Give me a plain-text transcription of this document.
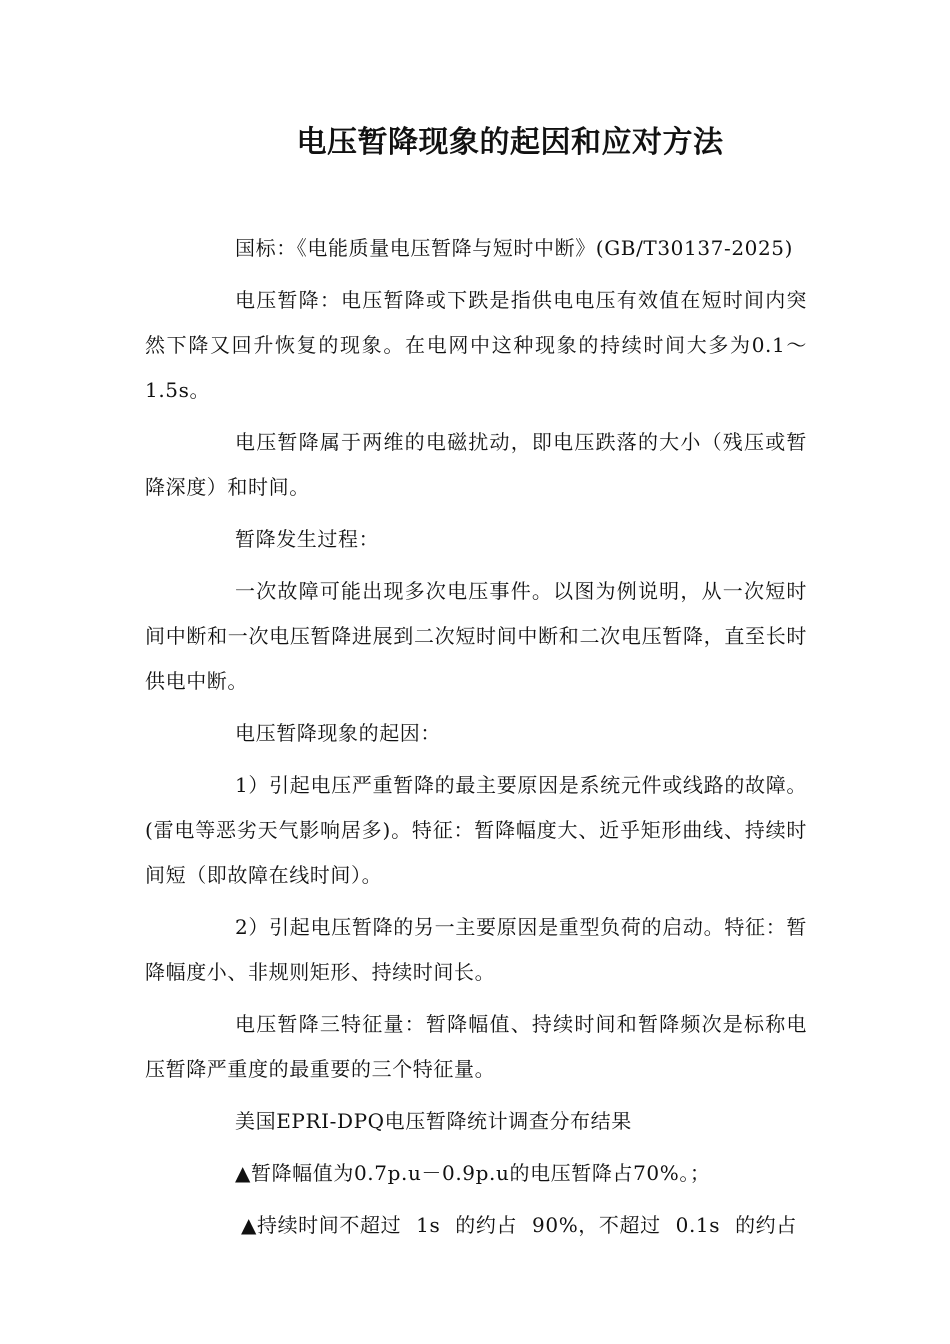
电压暂降现象的起因和应对方法

国标：《电能质量电压暂降与短时中断》(GB/T30137-2025)

电压暂降：电压暂降或下跌是指供电电压有效值在短时间内突然下降又回升恢复的现象。在电网中这种现象的持续时间大多为0.1～1.5s。

电压暂降属于两维的电磁扰动，即电压跌落的大小（残压或暂降深度）和时间。

暂降发生过程：

一次故障可能出现多次电压事件。以图为例说明，从一次短时间中断和一次电压暂降进展到二次短时间中断和二次电压暂降，直至长时供电中断。

电压暂降现象的起因：

1）引起电压严重暂降的最主要原因是系统元件或线路的故障。(雷电等恶劣天气影响居多)。特征：暂降幅度大、近乎矩形曲线、持续时间短（即故障在线时间）。

2）引起电压暂降的另一主要原因是重型负荷的启动。特征：暂降幅度小、非规则矩形、持续时间长。

电压暂降三特征量：暂降幅值、持续时间和暂降频次是标称电压暂降严重度的最重要的三个特征量。

美国EPRI-DPQ电压暂降统计调查分布结果

▲暂降幅值为0.7p.u－0.9p.u的电压暂降占70%。；

▲持续时间不超过 1s 的约占 90%，不超过 0.1s 的约占
